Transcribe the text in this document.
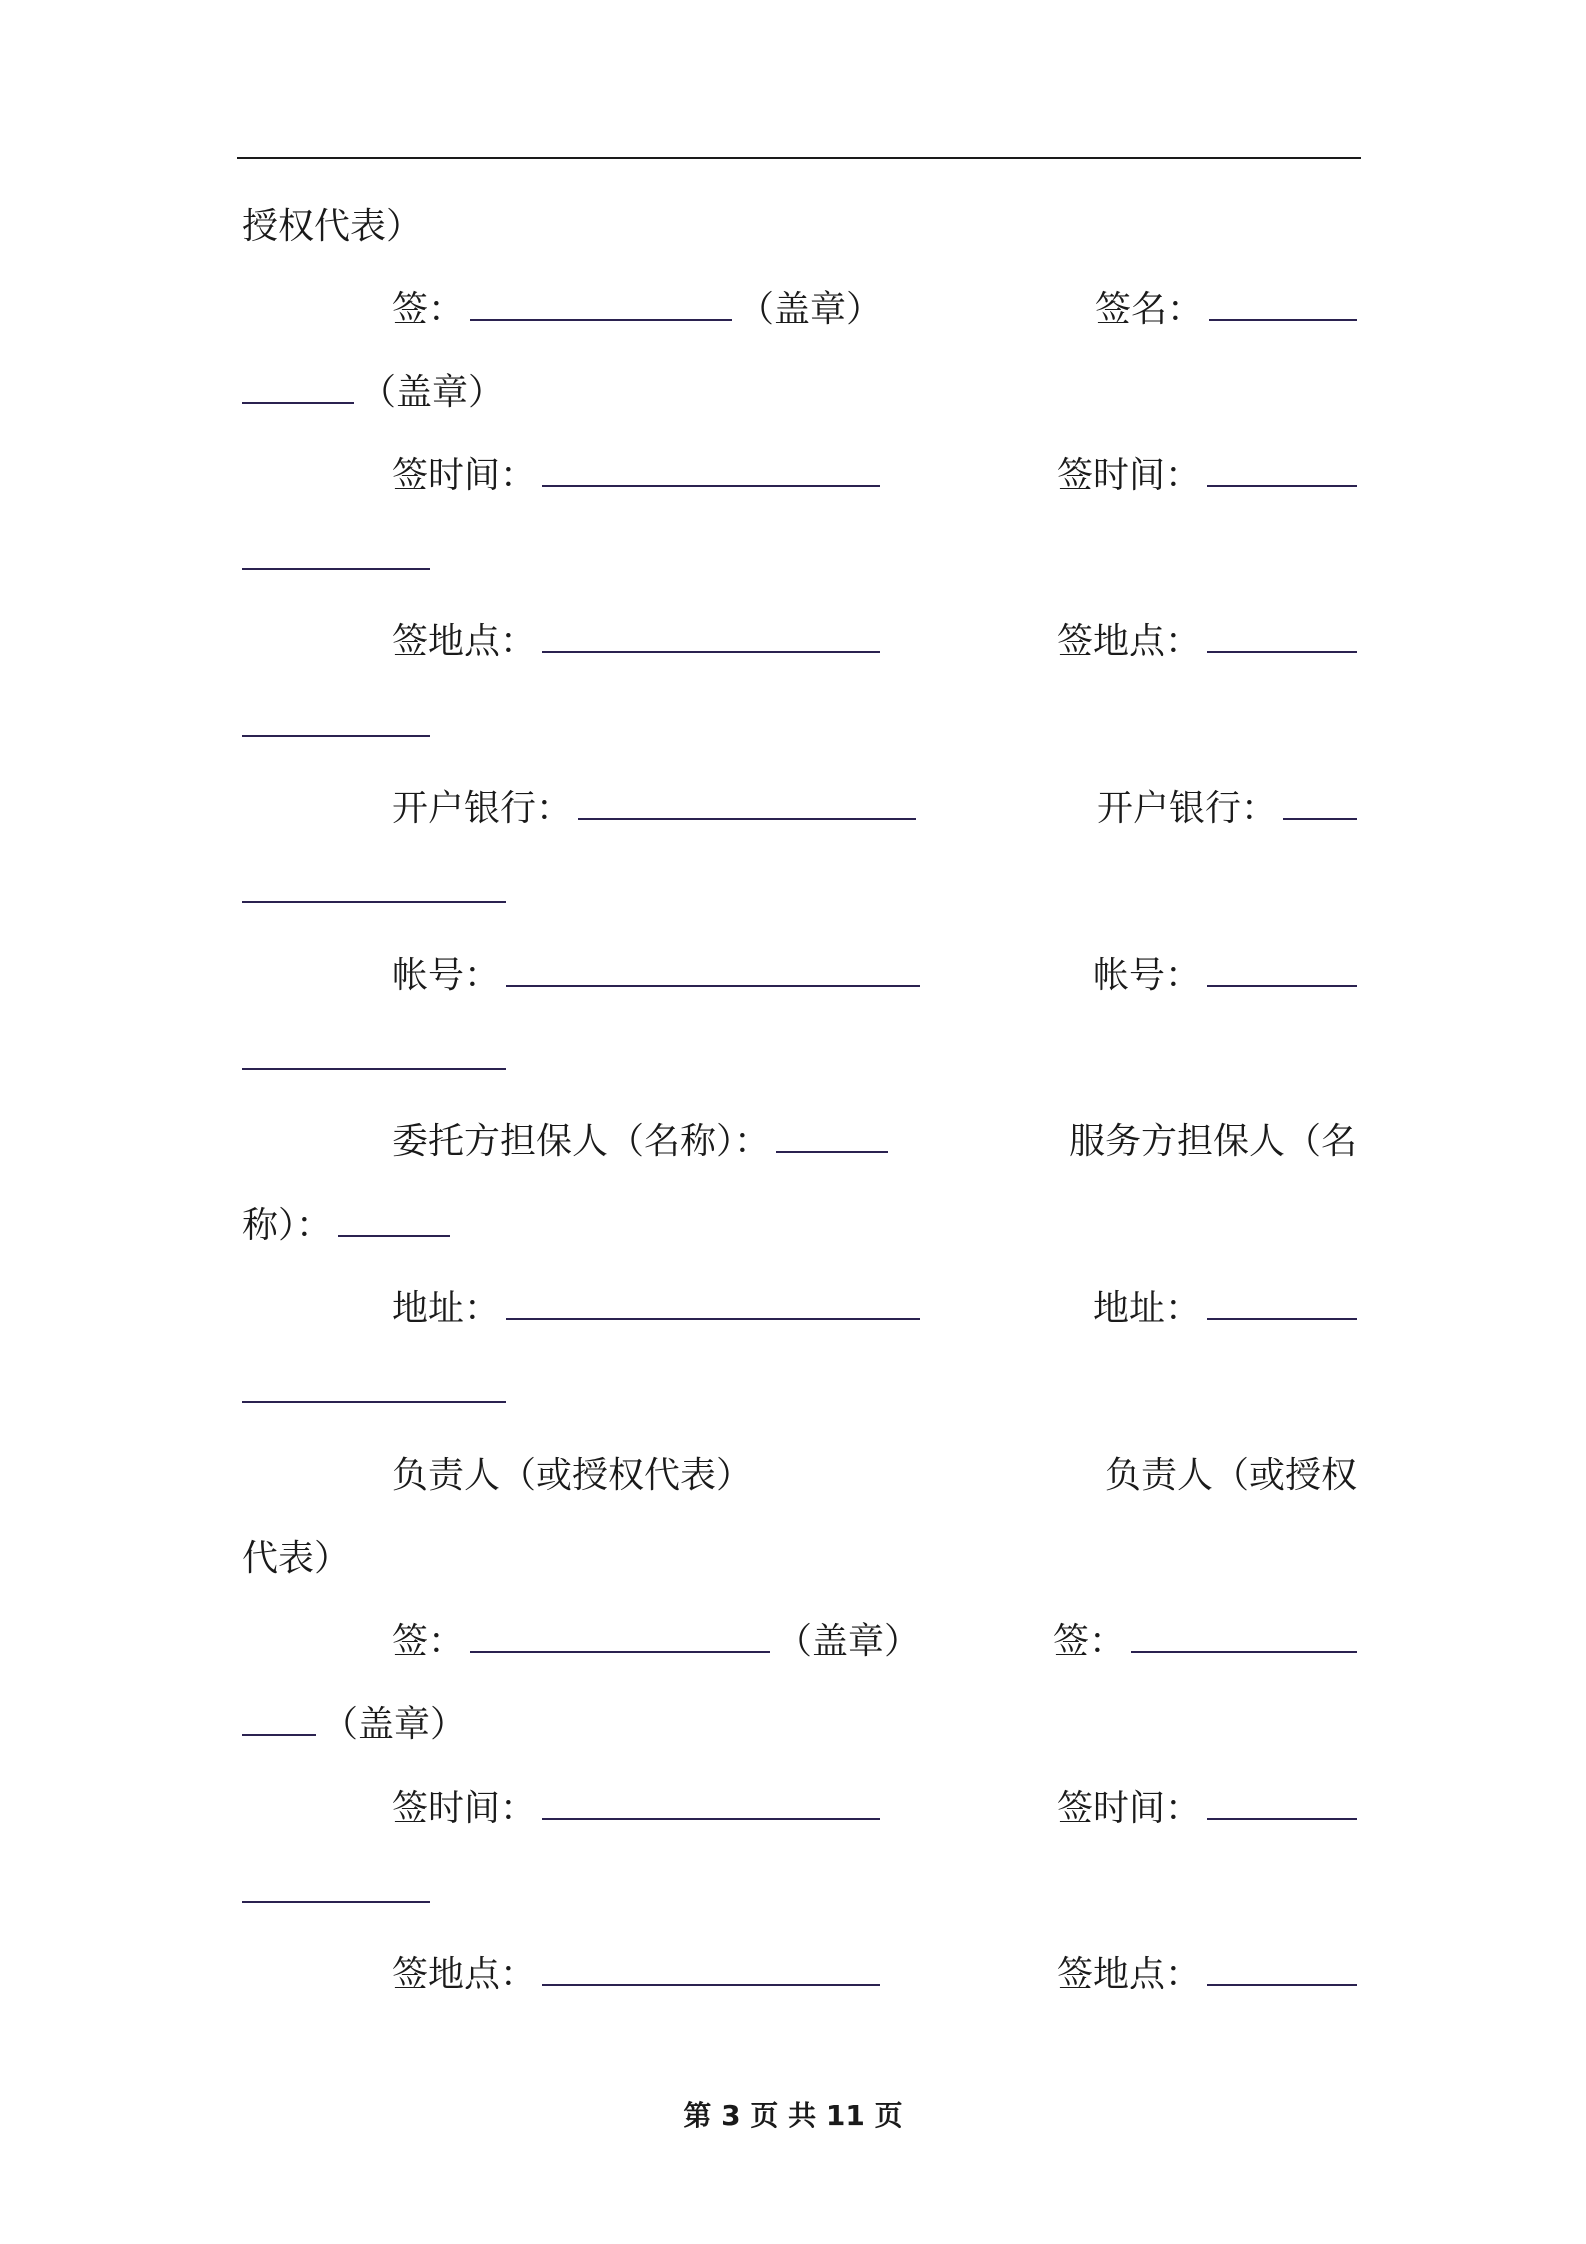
授权代表）
签：	（盖章）	签名：
（盖章）
签时间：	签时间：
签地点：	签地点：
开户银行：	开户银行：
帐号：	帐号：
委托方担保人（名称）：	服务方担保人（名
称）：
地址：	地址：
负责人（或授权代表）	负责人（或授权
代表）
签：	（盖章）	签：
（盖章）
签时间：	签时间：
签地点：	签地点：
第 3 页 共 11 页
